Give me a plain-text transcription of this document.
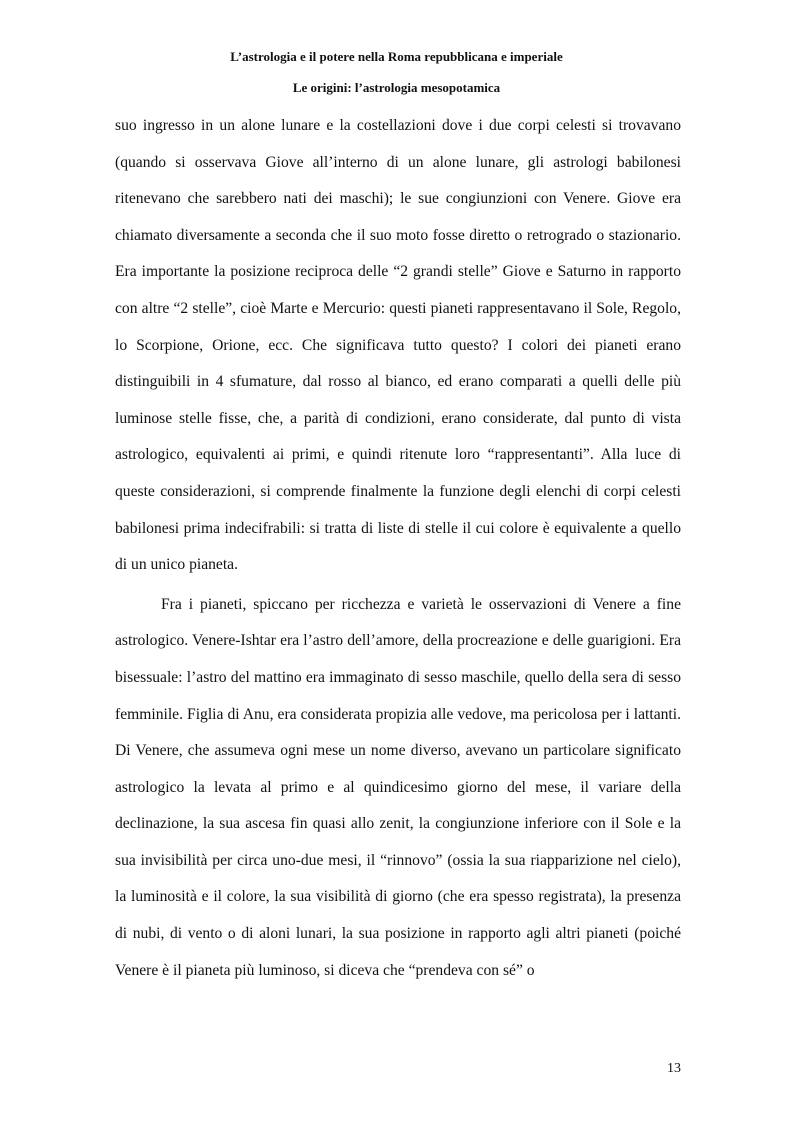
L’astrologia e il potere nella Roma repubblicana e imperiale
Le origini: l’astrologia mesopotamica

suo ingresso in un alone lunare e la costellazioni dove i due corpi celesti si trovavano (quando si osservava Giove all’interno di un alone lunare, gli astrologi babilonesi ritenevano che sarebbero nati dei maschi); le sue congiunzioni con Venere. Giove era chiamato diversamente a seconda che il suo moto fosse diretto o retrogrado o stazionario. Era importante la posizione reciproca delle “2 grandi stelle” Giove e Saturno in rapporto con altre “2 stelle”, cioè Marte e Mercurio: questi pianeti rappresentavano il Sole, Regolo, lo Scorpione, Orione, ecc. Che significava tutto questo? I colori dei pianeti erano distinguibili in 4 sfumature, dal rosso al bianco, ed erano comparati a quelli delle più luminose stelle fisse, che, a parità di condizioni, erano considerate, dal punto di vista astrologico, equivalenti ai primi, e quindi ritenute loro “rappresentanti”. Alla luce di queste considerazioni, si comprende finalmente la funzione degli elenchi di corpi celesti babilonesi prima indecifrabili: si tratta di liste di stelle il cui colore è equivalente a quello di un unico pianeta.

Fra i pianeti, spiccano per ricchezza e varietà le osservazioni di Venere a fine astrologico. Venere-Ishtar era l’astro dell’amore, della procreazione e delle guarigioni. Era bisessuale: l’astro del mattino era immaginato di sesso maschile, quello della sera di sesso femminile. Figlia di Anu, era considerata propizia alle vedove, ma pericolosa per i lattanti. Di Venere, che assumeva ogni mese un nome diverso, avevano un particolare significato astrologico la levata al primo e al quindicesimo giorno del mese, il variare della declinazione, la sua ascesa fin quasi allo zenit, la congiunzione inferiore con il Sole e la sua invisibilità per circa uno-due mesi, il “rinnovo” (ossia la sua riapparizione nel cielo), la luminosità e il colore, la sua visibilità di giorno (che era spesso registrata), la presenza di nubi, di vento o di aloni lunari, la sua posizione in rapporto agli altri pianeti (poiché Venere è il pianeta più luminoso, si diceva che “prendeva con sé” o

13
